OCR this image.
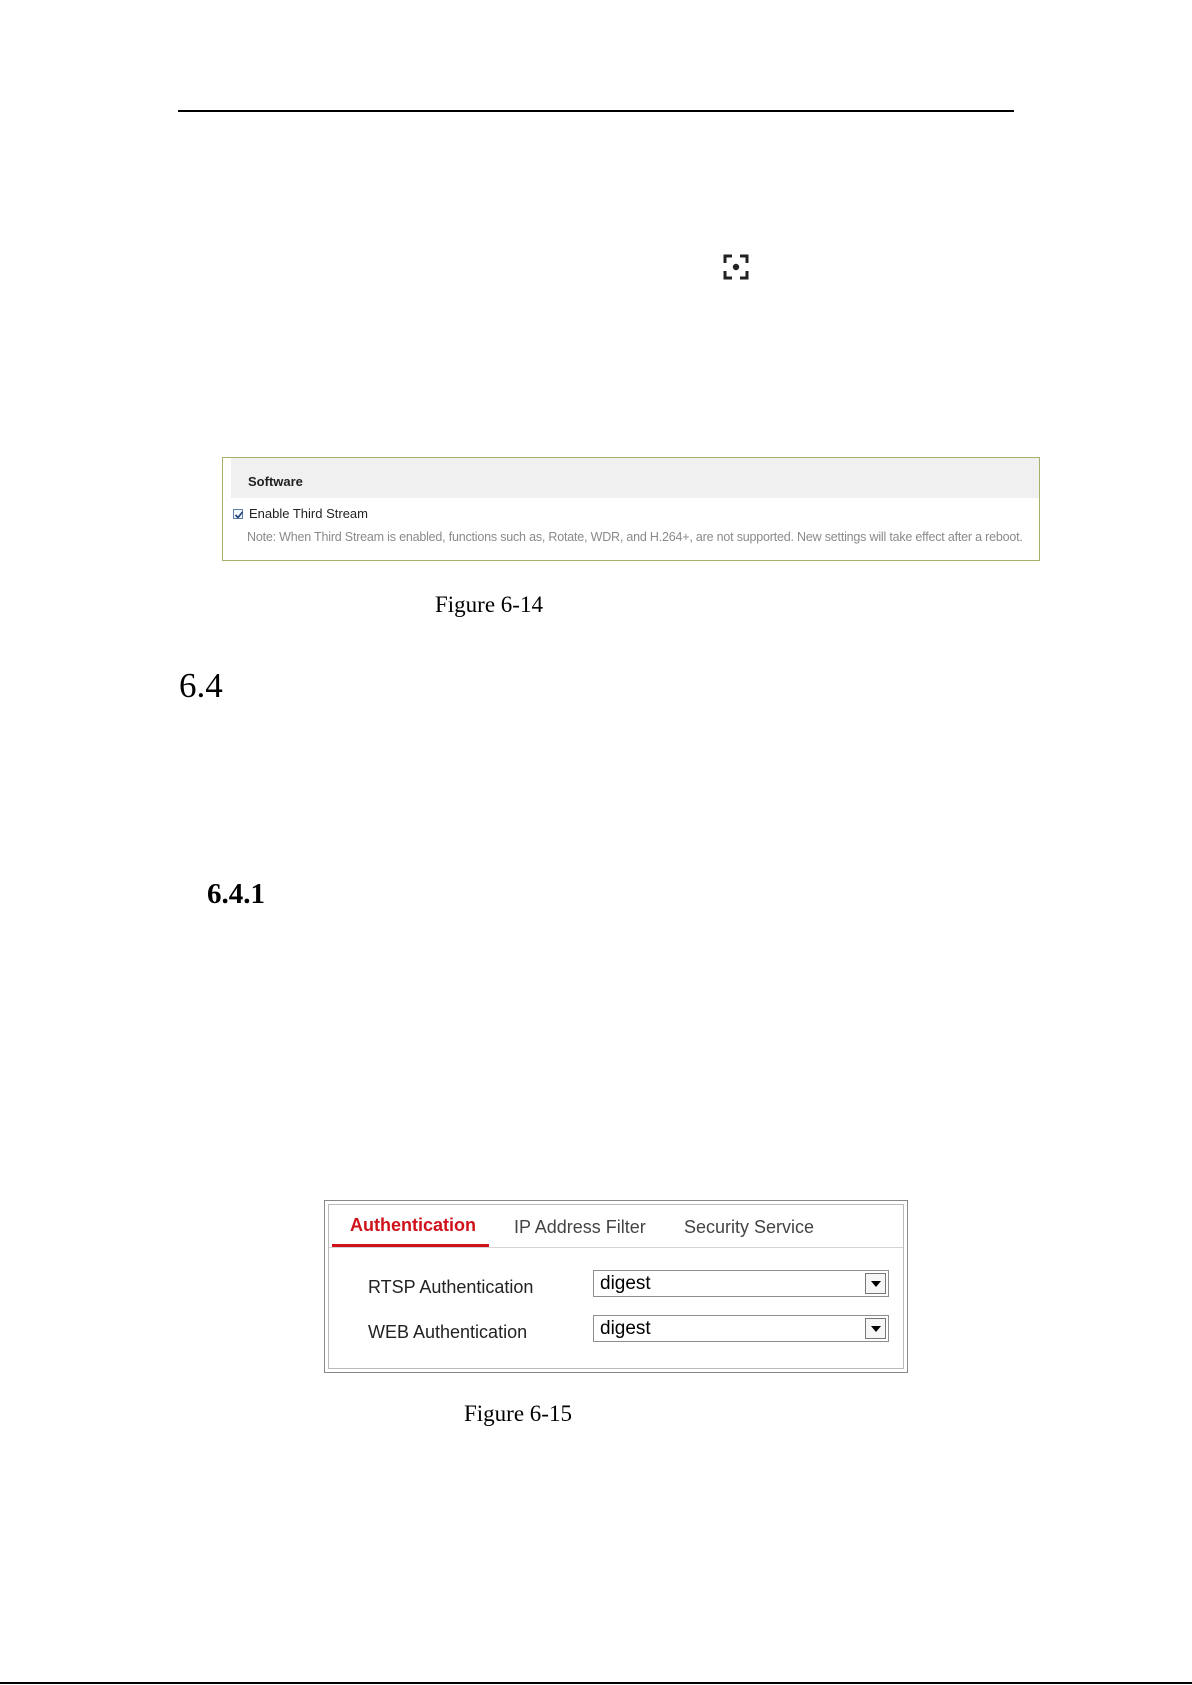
Software
Enable Third Stream
Note: When Third Stream is enabled, functions such as, Rotate, WDR, and H.264+, are not supported. New settings will take effect after a reboot.
Figure 6-14
6.4
6.4.1
Authentication IP Address Filter Security Service
RTSP Authentication	digest
WEB Authentication	digest
Figure 6-15
